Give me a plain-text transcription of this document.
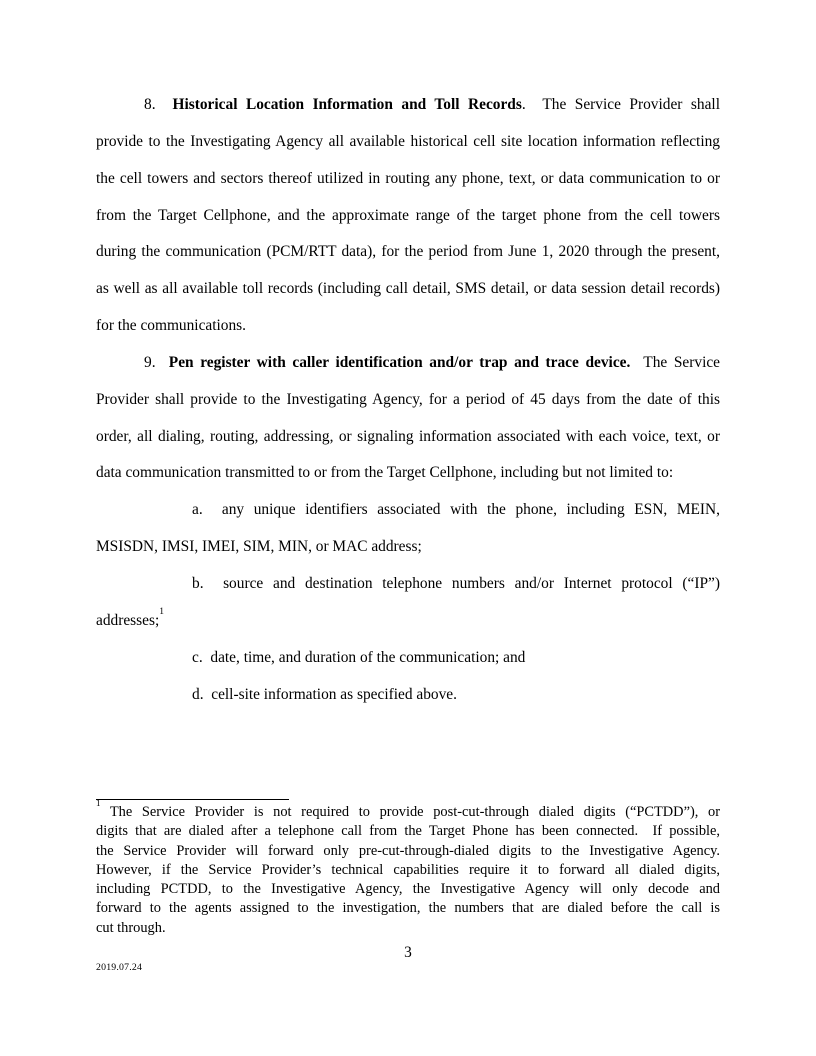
8.  Historical Location Information and Toll Records.  The Service Provider shall
provide to the Investigating Agency all available historical cell site location information reflecting
the cell towers and sectors thereof utilized in routing any phone, text, or data communication to or
from the Target Cellphone, and the approximate range of the target phone from the cell towers
during the communication (PCM/RTT data), for the period from June 1, 2020 through the present,
as well as all available toll records (including call detail, SMS detail, or data session detail records)
for the communications.
9.  Pen register with caller identification and/or trap and trace device.  The Service
Provider shall provide to the Investigating Agency, for a period of 45 days from the date of this
order, all dialing, routing, addressing, or signaling information associated with each voice, text, or
data communication transmitted to or from the Target Cellphone, including but not limited to:
a.  any unique identifiers associated with the phone, including ESN, MEIN,
MSISDN, IMSI, IMEI, SIM, MIN, or MAC address;
b.  source and destination telephone numbers and/or Internet protocol (“IP”)
addresses;$^1$
c.  date, time, and duration of the communication; and
d.  cell-site information as specified above.
$^1$ The Service Provider is not required to provide post-cut-through dialed digits (“PCTDD”), or
digits that are dialed after a telephone call from the Target Phone has been connected.  If possible,
the Service Provider will forward only pre-cut-through-dialed digits to the Investigative Agency.
However, if the Service Provider’s technical capabilities require it to forward all dialed digits,
including PCTDD, to the Investigative Agency, the Investigative Agency will only decode and
forward to the agents assigned to the investigation, the numbers that are dialed before the call is
cut through.
3
2019.07.24
